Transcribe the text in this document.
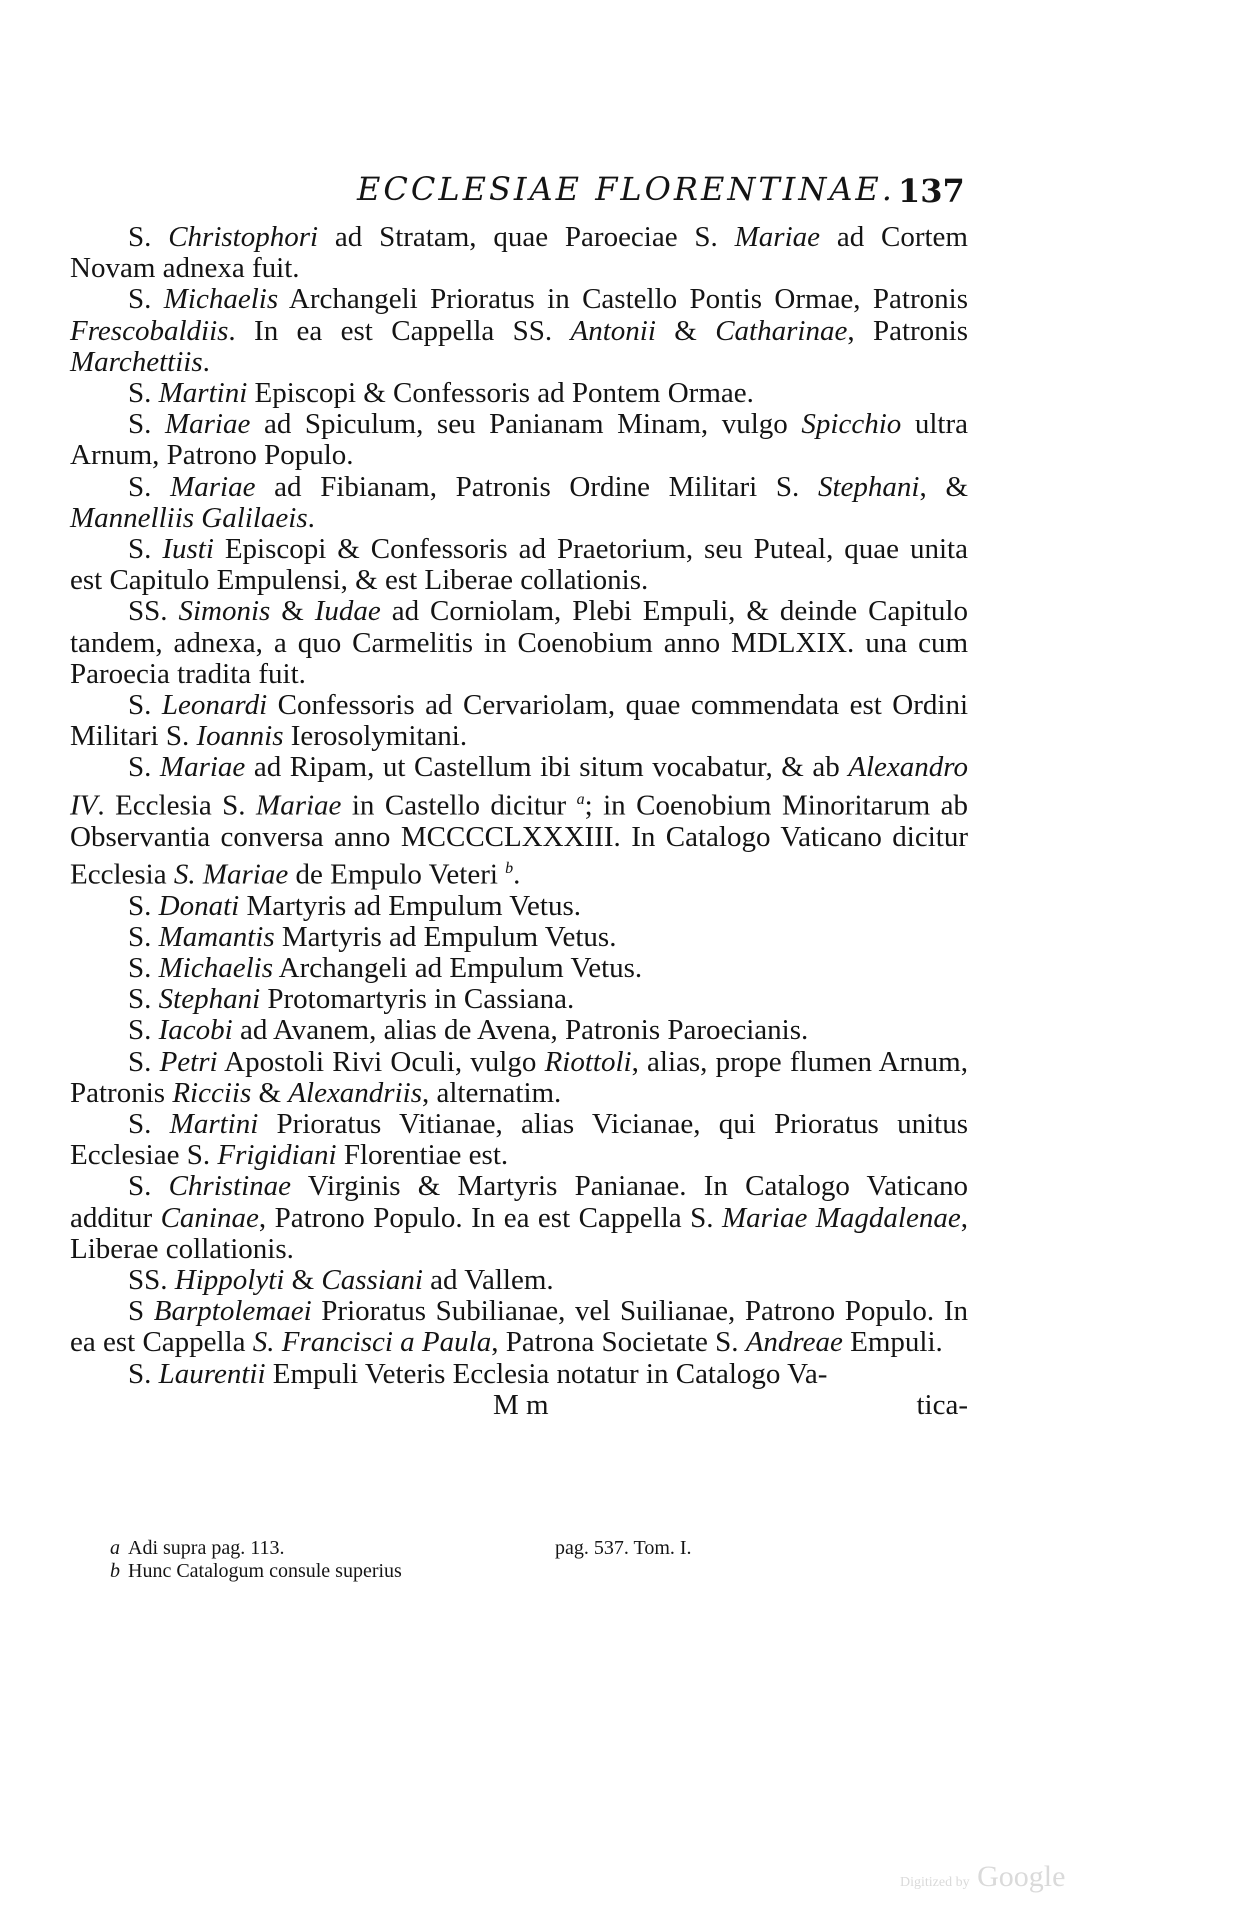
ECCLESIAE FLORENTINAE. 137

S. Christophori ad Stratam, quae Paroeciae S. Mariae ad Cortem Novam adnexa fuit.

S. Michaelis Archangeli Prioratus in Castello Pontis Ormae, Patronis Frescobaldiis. In ea est Cappella SS. Antonii & Catharinae, Patronis Marchettiis.

S. Martini Episcopi & Confessoris ad Pontem Ormae.

S. Mariae ad Spiculum, seu Panianam Minam, vulgo Spicchio ultra Arnum, Patrono Populo.

S. Mariae ad Fibianam, Patronis Ordine Militari S. Stephani, & Mannelliis Galilaeis.

S. Iusti Episcopi & Confessoris ad Praetorium, seu Puteal, quae unita est Capitulo Empulensi, & est Liberae collationis.

SS. Simonis & Iudae ad Corniolam, Plebi Empuli, & deinde Capitulo tandem, adnexa, a quo Carmelitis in Coenobium anno MDLXIX. una cum Paroecia tradita fuit.

S. Leonardi Confessoris ad Cervariolam, quae commendata est Ordini Militari S. Ioannis Ierosolymitani.

S. Mariae ad Ripam, ut Castellum ibi situm vocabatur, & ab Alexandro IV. Ecclesia S. Mariae in Castello dicitur $^a$; in Coenobium Minoritarum ab Observantia conversa anno MCCCCLXXXIII. In Catalogo Vaticano dicitur Ecclesia S. Mariae de Empulo Veteri $^b$.

S. Donati Martyris ad Empulum Vetus.

S. Mamantis Martyris ad Empulum Vetus.

S. Michaelis Archangeli ad Empulum Vetus.

S. Stephani Protomartyris in Cassiana.

S. Iacobi ad Avanem, alias de Avena, Patronis Paroecianis.

S. Petri Apostoli Rivi Oculi, vulgo Riottoli, alias, prope flumen Arnum, Patronis Ricciis & Alexandriis, alternatim.

S. Martini Prioratus Vitianae, alias Vicianae, qui Prioratus unitus Ecclesiae S. Frigidiani Florentiae est.

S. Christinae Virginis & Martyris Panianae. In Catalogo Vaticano additur Caninae, Patrono Populo. In ea est Cappella S. Mariae Magdalenae, Liberae collationis.

SS. Hippolyti & Cassiani ad Vallem.

S Barptolemaei Prioratus Subilianae, vel Suilianae, Patrono Populo. In ea est Cappella S. Francisci a Paula, Patrona Societate S. Andreae Empuli.

S. Laurentii Empuli Veteris Ecclesia notatur in Catalogo Va-

M m	tica-
a Adi supra pag. 113.	pag. 537. Tom. I.
b Hunc Catalogum consule superius
Digitized by Google
